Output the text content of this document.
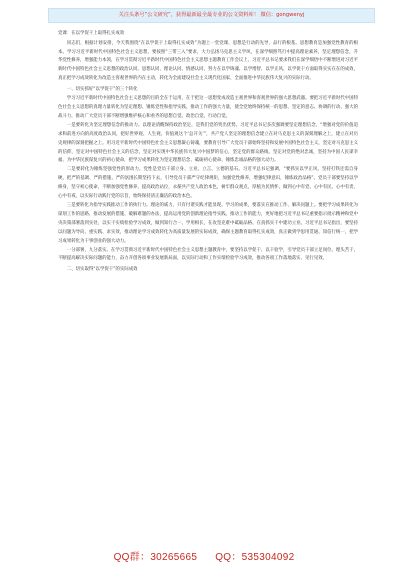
关注头条号“公文研究”，获得最新最全最专业的公文资料库！ 微信：gongwenyj

党课：在以学促干上取得扎实成效

同志们，根据计划安排，今天我围绕“在以学促干上取得扎实成效”为题上一堂党课，思想是行动的先导，品行的根基。思想教育是加强党性教育的根本。学习习近平新时代中国特色社会主义思想，要按照“三带三入”要求，大力弘扬马克思主义学风，在深学细照笃行中提高理论素养，坚定理想信念，升华党性修养，增强能力本领，在学习贯彻习近平新时代中国特色社会主义思想主题教育工作会议上，习近平总书记要求我们在深学细悟中不断增进对习近平新时代中国特色社会主义思想的政治认同、思想认同、理论认同、情感认同，努力在以学铸魂、以学增智、以学正风、以学促干方面取得实实在在的成效，真正把学习成效转化为改造主客观世界的内在主动，转化为全面建设社会主义现代化国家、全面推进中华民族伟大复兴的实际行动。

一、切实抓好“以学促干”的三个转化

学习习近平新时代中国特色社会主义思想的目的全在于运用，在于把这一思想变成改造主观世界和客观世界的强大思想武器。要把习近平新时代中国特色社会主义思想的真理力量转化为坚定理想、锤炼党性和指导实践、推动工作的强大力量，使全党始终保持统一的思想、坚定的意志、协调的行动、强大的战斗力，推动广大党员干部不断增强维护核心和看齐的思想自觉、政治自觉、行动自觉。

一是要转化为坚定理想信念的推动力。以理论清醒保持政治坚定，是我们党的突出优势。习近平总书记多次强调要坚定理想信念，“增强对党的价值追求和前进方向的高度政治认同，把好世界观、人生观、价值观这个‘总开关’”，共产党人坚定的理想信念建立在对马克思主义的深刻理解之上，建立在对历史规律的深刻把握之上。用习近平新时代中国特色社会主义思想凝心铸魂，要教育引导广大党员干部始终坚持和发展中国特色社会主义，坚定对马克思主义的信仰，坚定对中国特色社会主义的信念，坚定对实现中华民族伟大复兴中国梦的信心，坚定党的群众路线、坚定对党的绝对忠诚，坚持为中国人民谋幸福、为中华民族谋复兴的初心使命，把学习成果转化为坚定理想信念、砥砺初心使命、锤炼忠诚品格的强大动力。

二是要转化为锤炼坚强党性的原动力。党性是党员干部立身、立业、立言、立德的基石。习近平总书记强调，“要抓实以学正风，坚持打铁还需自身硬、把严的基调、严的措施、严的氛围长期坚持下去，引导党员干部严守纪律规矩，加强党性修养，增强纪律意识，锤炼政治品格”。党员干部要坚持以学修身，坚守初心使命，不断加强党性修养，提高政治站位，永葆共产党人政治本色，树牢群众观点，厚植为民情怀，做到心中有党、心中有民、心中有责、心中有戒，以实际行动践行党的宗旨，始终保持清正廉洁的政治本色。

三是要转化为指导实践推动工作的执行力。理论的威力，只有付诸实践才能显现。学习的成果，要落实在推动工作、解决问题上。要把学习成果转化为谋划工作的思路、推动发展的措施、破解难题的办法，提高运用党的创新理论指导实践、推动工作的能力，更好地把习近平总书记重要指示批示精神和党中央决策部署落到实处，以实干实绩检验学习成效，做到知行合一、学用相长，在攻坚克难中砥砺品格、在真抓实干中建功立业。习近平总书记指出，要坚持以问题为导向、重实践、求实效，推动理论学习成效转化为高质量发展的实际成效，确保主题教育取得扎实成效，真正做到学思用贯通、知信行统一，把学习成果转化为干事创业的强大动力。

一分部署，九分落实。在学习贯彻习近平新时代中国特色社会主义思想主题教育中，要坚持以学促干、以干验学，引导党员干部立足岗位、埋头苦干，不断提高解决实际问题的能力，奋力开创各项事业发展新局面，以实际行动和工作实绩检验学习成效，推动各项工作落地落实、见行见效。

二、切实取得“以学促干”的实际成效

QQ群：30265665 QQ：535304092
